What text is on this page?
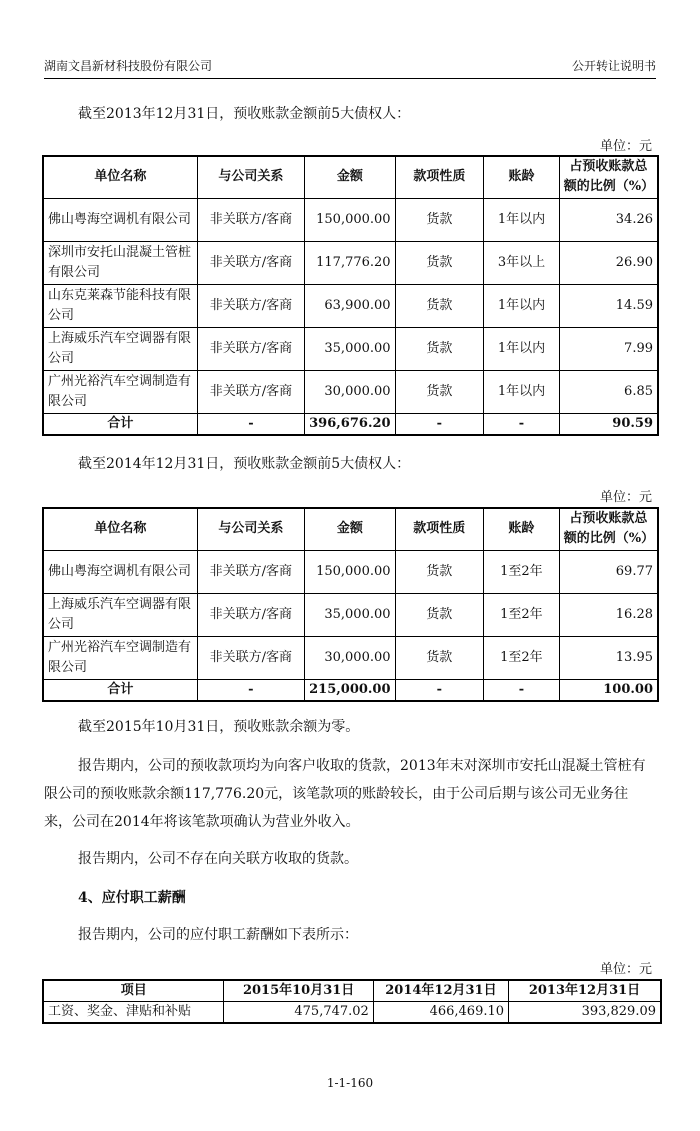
湖南文昌新材科技股份有限公司	公开转让说明书
截至2013年12月31日，预收账款金额前5大债权人：
单位：元
单位名称	与公司关系	金额	款项性质	账龄	占预收账款总额的比例（%）
佛山粤海空调机有限公司	非关联方/客商	150,000.00	货款	1年以内	34.26
深圳市安托山混凝土管桩有限公司	非关联方/客商	117,776.20	货款	3年以上	26.90
山东克莱森节能科技有限公司	非关联方/客商	63,900.00	货款	1年以内	14.59
上海威乐汽车空调器有限公司	非关联方/客商	35,000.00	货款	1年以内	7.99
广州光裕汽车空调制造有限公司	非关联方/客商	30,000.00	货款	1年以内	6.85
合计	-	396,676.20	-	-	90.59
截至2014年12月31日，预收账款金额前5大债权人：
单位：元
单位名称	与公司关系	金额	款项性质	账龄	占预收账款总额的比例（%）
佛山粤海空调机有限公司	非关联方/客商	150,000.00	货款	1至2年	69.77
上海威乐汽车空调器有限公司	非关联方/客商	35,000.00	货款	1至2年	16.28
广州光裕汽车空调制造有限公司	非关联方/客商	30,000.00	货款	1至2年	13.95
合计	-	215,000.00	-	-	100.00
截至2015年10月31日，预收账款余额为零。
报告期内，公司的预收款项均为向客户收取的货款，2013年末对深圳市安托山混凝土管桩有限公司的预收账款余额117,776.20元，该笔款项的账龄较长，由于公司后期与该公司无业务往来，公司在2014年将该笔款项确认为营业外收入。
报告期内，公司不存在向关联方收取的货款。
4、应付职工薪酬
报告期内，公司的应付职工薪酬如下表所示：
单位：元
项目	2015年10月31日	2014年12月31日	2013年12月31日
工资、奖金、津贴和补贴	475,747.02	466,469.10	393,829.09
1-1-160
